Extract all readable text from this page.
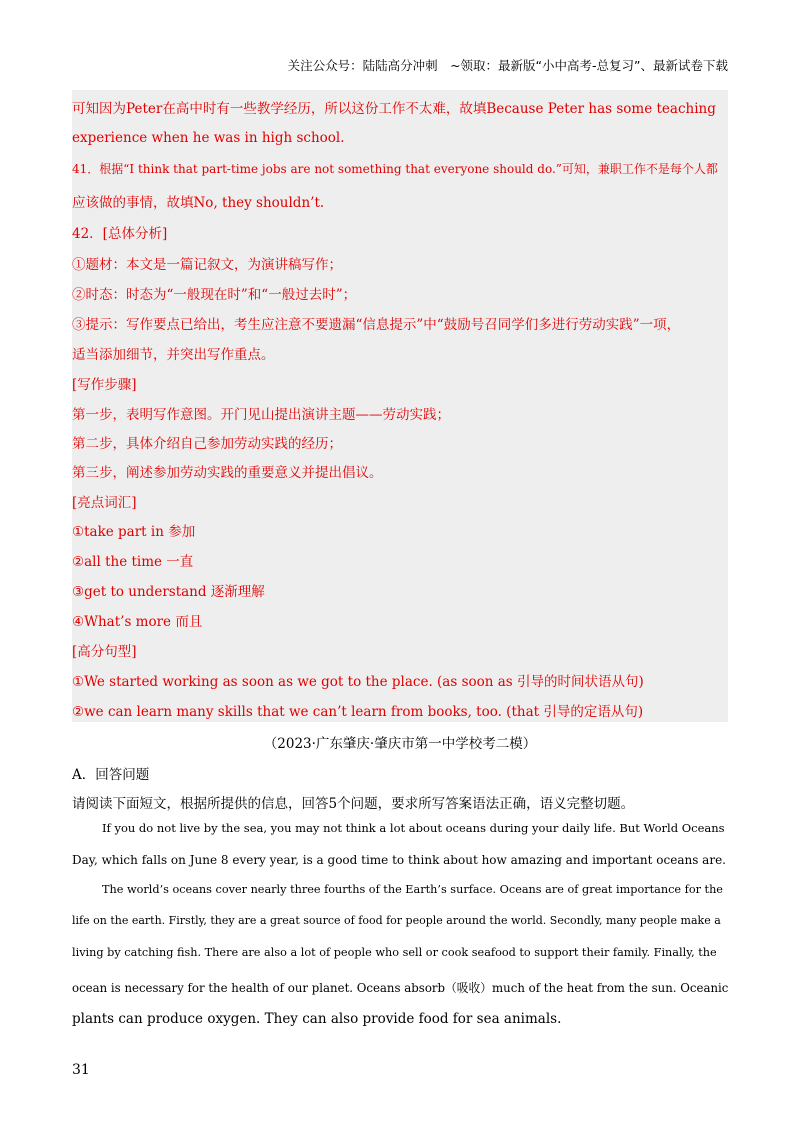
关注公众号：陆陆高分冲刺　~领取：最新版“小中高考-总复习”、最新试卷下载
可知因为Peter在高中时有一些教学经历，所以这份工作不太难，故填Because Peter has some teaching
experience when he was in high school.
41．根据“I think that part-time jobs are not something that everyone should do.”可知，兼职工作不是每个人都
应该做的事情，故填No, they shouldn’t.
42．[总体分析]
①题材：本文是一篇记叙文，为演讲稿写作；
②时态：时态为“一般现在时”和“一般过去时”；
③提示：写作要点已给出，考生应注意不要遗漏“信息提示”中“鼓励号召同学们多进行劳动实践”一项，
适当添加细节，并突出写作重点。
[写作步骤]
第一步，表明写作意图。开门见山提出演讲主题——劳动实践；
第二步，具体介绍自己参加劳动实践的经历；
第三步，阐述参加劳动实践的重要意义并提出倡议。
[亮点词汇]
①take part in 参加
②all the time 一直
③get to understand 逐渐理解
④What’s more 而且
[高分句型]
①We started working as soon as we got to the place. (as soon as 引导的时间状语从句)
②we can learn many skills that we can’t learn from books, too. (that 引导的定语从句)
（2023·广东肇庆·肇庆市第一中学校考二模）
A．回答问题
请阅读下面短文，根据所提供的信息，回答5个问题，要求所写答案语法正确，语义完整切题。
If you do not live by the sea, you may not think a lot about oceans during your daily life. But World Oceans
Day, which falls on June 8 every year, is a good time to think about how amazing and important oceans are.
The world’s oceans cover nearly three fourths of the Earth’s surface. Oceans are of great importance for the
life on the earth. Firstly, they are a great source of food for people around the world. Secondly, many people make a
living by catching fish. There are also a lot of people who sell or cook seafood to support their family. Finally, the
ocean is necessary for the health of our planet. Oceans absorb（吸收）much of the heat from the sun. Oceanic
plants can produce oxygen. They can also provide food for sea animals.
31
